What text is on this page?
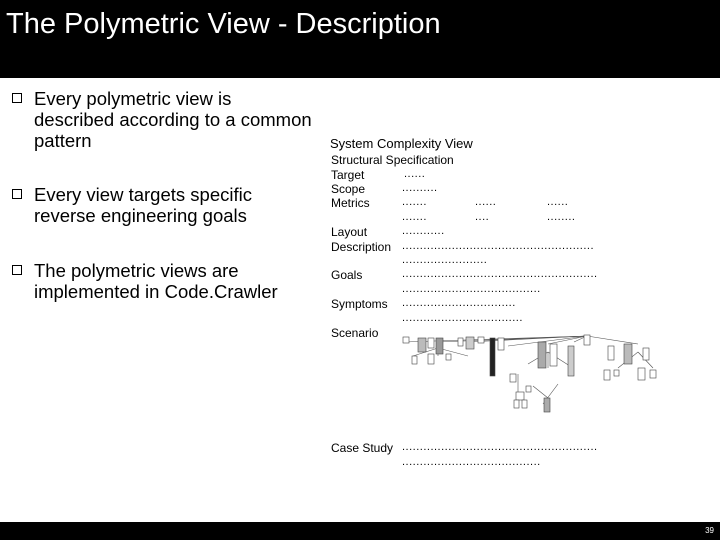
The Polymetric View - Description
Every polymetric view is described according to a common pattern
Every view targets specific reverse engineering goals
The polymetric views are implemented in Code.Crawler
System Complexity View
Structural Specification
Target	......
Scope	..........
Metrics	.......	......	......
.......	....	........
Layout	............
Description ......................................................
........................
Goals	.......................................................
.......................................
Symptoms ................................
..................................
Scenario
Case Study .......................................................
.......................................
39
